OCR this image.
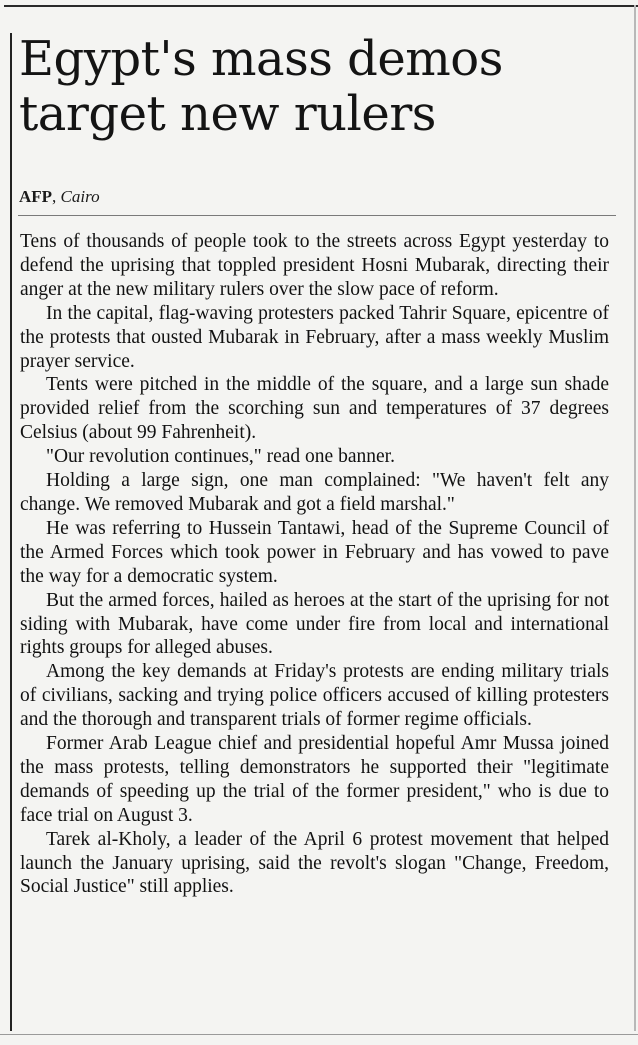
Egypt's mass demos target new rulers
AFP, Cairo

Tens of thousands of people took to the streets across Egypt yesterday to defend the uprising that toppled president Hosni Mubarak, directing their anger at the new military rulers over the slow pace of reform.

In the capital, flag-waving protesters packed Tahrir Square, epicentre of the protests that ousted Mubarak in February, after a mass weekly Muslim prayer service.

Tents were pitched in the middle of the square, and a large sun shade provided relief from the scorching sun and temperatures of 37 degrees Celsius (about 99 Fahrenheit).

"Our revolution continues," read one banner.

Holding a large sign, one man complained: "We haven't felt any change. We removed Mubarak and got a field marshal."

He was referring to Hussein Tantawi, head of the Supreme Council of the Armed Forces which took power in February and has vowed to pave the way for a democratic system.

But the armed forces, hailed as heroes at the start of the uprising for not siding with Mubarak, have come under fire from local and international rights groups for alleged abuses.

Among the key demands at Friday's protests are ending military trials of civilians, sacking and trying police officers accused of killing protesters and the thorough and transparent trials of former regime officials.

Former Arab League chief and presidential hopeful Amr Mussa joined the mass protests, telling demonstrators he supported their "legitimate demands of speeding up the trial of the former president," who is due to face trial on August 3.

Tarek al-Kholy, a leader of the April 6 protest movement that helped launch the January uprising, said the revolt's slogan "Change, Freedom, Social Justice" still applies.
